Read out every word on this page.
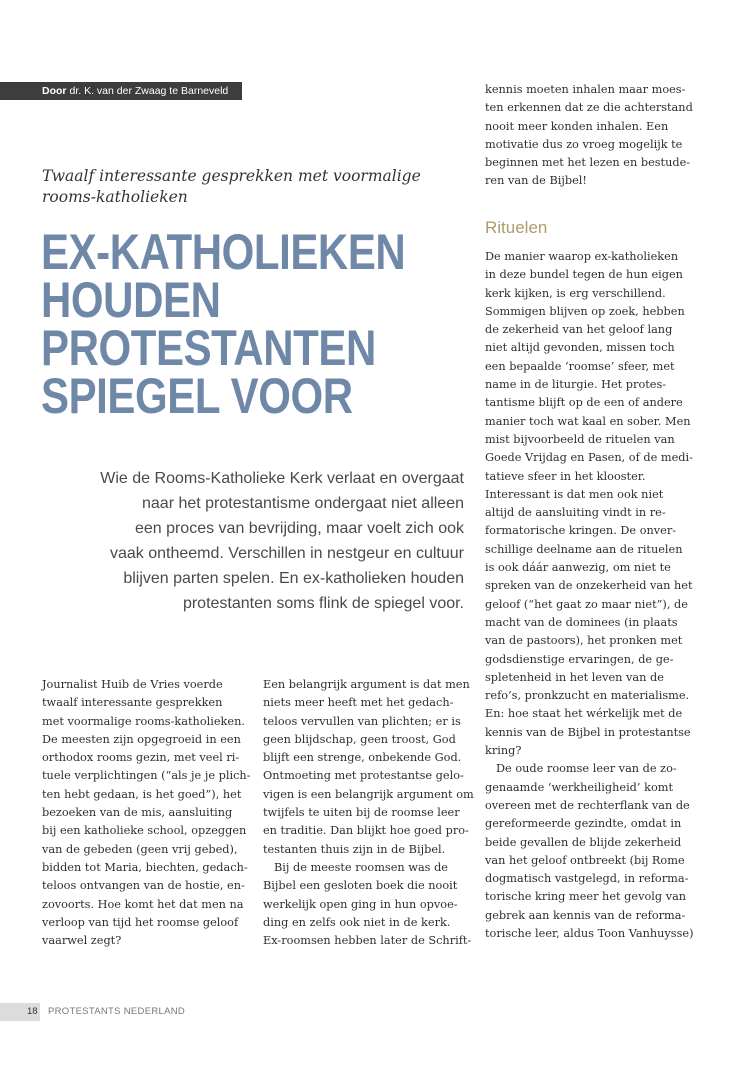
Door dr. K. van der Zwaag te Barneveld
Twaalf interessante gesprekken met voormalige
rooms-katholieken
EX-KATHOLIEKEN
HOUDEN
PROTESTANTEN
SPIEGEL VOOR
Wie de Rooms-Katholieke Kerk verlaat en overgaat
naar het protestantisme ondergaat niet alleen
een proces van bevrijding, maar voelt zich ook
vaak ontheemd. Verschillen in nestgeur en cultuur
blijven parten spelen. En ex-katholieken houden
protestanten soms flink de spiegel voor.
Journalist Huib de Vries voerde
twaalf interessante gesprekken
met voormalige rooms-katholieken.
De meesten zijn opgegroeid in een
orthodox rooms gezin, met veel ri-
tuele verplichtingen (“als je je plich-
ten hebt gedaan, is het goed”), het
bezoeken van de mis, aansluiting
bij een katholieke school, opzeggen
van de gebeden (geen vrij gebed),
bidden tot Maria, biechten, gedach-
teloos ontvangen van de hostie, en-
zovoorts. Hoe komt het dat men na
verloop van tijd het roomse geloof
vaarwel zegt?
Een belangrijk argument is dat men
niets meer heeft met het gedach-
teloos vervullen van plichten; er is
geen blijdschap, geen troost, God
blijft een strenge, onbekende God.
Ontmoeting met protestantse gelo-
vigen is een belangrijk argument om
twijfels te uiten bij de roomse leer
en traditie. Dan blijkt hoe goed pro-
testanten thuis zijn in de Bijbel.
Bij de meeste roomsen was de
Bijbel een gesloten boek die nooit
werkelijk open ging in hun opvoe-
ding en zelfs ook niet in de kerk.
Ex-roomsen hebben later de Schrift-
kennis moeten inhalen maar moes-
ten erkennen dat ze die achterstand
nooit meer konden inhalen. Een
motivatie dus zo vroeg mogelijk te
beginnen met het lezen en bestude-
ren van de Bijbel!
Rituelen
De manier waarop ex-katholieken
in deze bundel tegen de hun eigen
kerk kijken, is erg verschillend.
Sommigen blijven op zoek, hebben
de zekerheid van het geloof lang
niet altijd gevonden, missen toch
een bepaalde ‘roomse’ sfeer, met
name in de liturgie. Het protes-
tantisme blijft op de een of andere
manier toch wat kaal en sober. Men
mist bijvoorbeeld de rituelen van
Goede Vrijdag en Pasen, of de medi-
tatieve sfeer in het klooster.
Interessant is dat men ook niet
altijd de aansluiting vindt in re-
formatorische kringen. De onver-
schillige deelname aan de rituelen
is ook dáár aanwezig, om niet te
spreken van de onzekerheid van het
geloof (“het gaat zo maar niet”), de
macht van de dominees (in plaats
van de pastoors), het pronken met
godsdienstige ervaringen, de ge-
spletenheid in het leven van de
refo’s, pronkzucht en materialisme.
En: hoe staat het wérkelijk met de
kennis van de Bijbel in protestantse
kring?
De oude roomse leer van de zo-
genaamde ‘werkheiligheid’ komt
overeen met de rechterflank van de
gereformeerde gezindte, omdat in
beide gevallen de blijde zekerheid
van het geloof ontbreekt (bij Rome
dogmatisch vastgelegd, in reforma-
torische kring meer het gevolg van
gebrek aan kennis van de reforma-
torische leer, aldus Toon Vanhuysse)
18 PROTESTANTS NEDERLAND
